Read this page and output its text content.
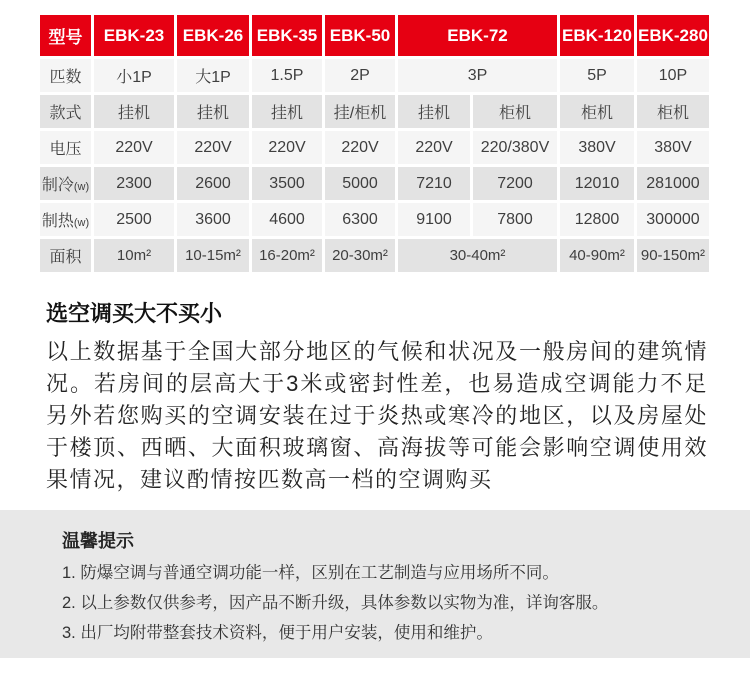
型号	EBK-23	EBK-26	EBK-35	EBK-50	EBK-72		EBK-120	EBK-280
匹数	小1P	大1P	1.5P	2P	3P		5P	10P
款式	挂机	挂机	挂机	挂/柜机	挂机	柜机	柜机	柜机
电压	220V	220V	220V	220V	220V	220/380V	380V	380V
制冷(w)	2300	2600	3500	5000	7210	7200	12010	281000
制热(w)	2500	3600	4600	6300	9100	7800	12800	300000
面积	10m²	10-15m²	16-20m²	20-30m²	30-40m²		40-90m²	90-150m²
选空调买大不买小
以上数据基于全国大部分地区的气候和状况及一般房间的建筑情况。若房间的层高大于3米或密封性差，也易造成空调能力不足另外若您购买的空调安装在过于炎热或寒冷的地区，以及房屋处于楼顶、西晒、大面积玻璃窗、高海拔等可能会影响空调使用效果情况，建议酌情按匹数高一档的空调购买
温馨提示
1. 防爆空调与普通空调功能一样，区别在工艺制造与应用场所不同。
2. 以上参数仅供参考，因产品不断升级，具体参数以实物为准，详询客服。
3. 出厂均附带整套技术资料，便于用户安装，使用和维护。
